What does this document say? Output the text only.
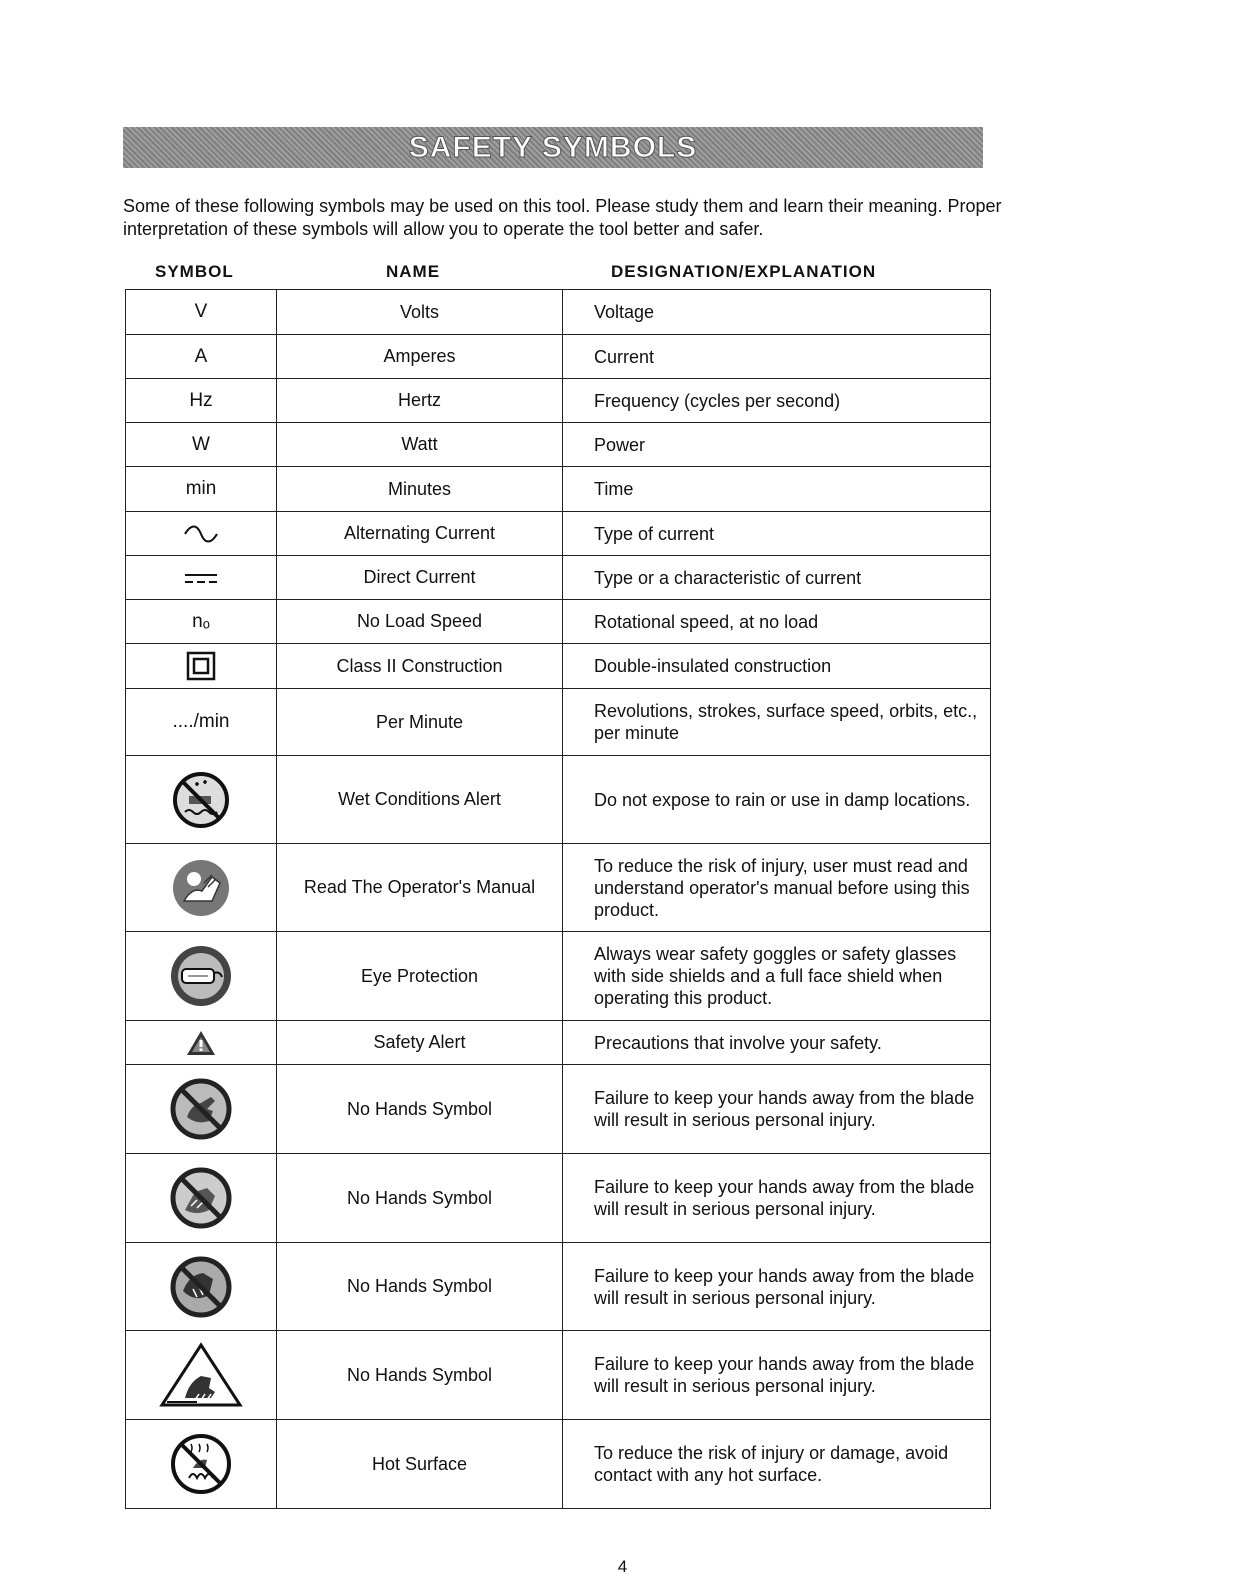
SAFETY SYMBOLS
Some of these following symbols may be used on this tool. Please study them and learn their meaning. Proper interpretation of these symbols will allow you to operate the tool better and safer.
SYMBOL	NAME	DESIGNATION/EXPLANATION
V	Volts	Voltage
A	Amperes	Current
Hz	Hertz	Frequency (cycles per second)
W	Watt	Power
min	Minutes	Time
	Alternating Current	Type of current
	Direct Current	Type or a characteristic of current
nₒ	No Load Speed	Rotational speed, at no load
	Class II Construction	Double-insulated construction
..../min	Per Minute	Revolutions, strokes, surface speed, orbits, etc., per minute
	Wet Conditions Alert	Do not expose to rain or use in damp locations.
	Read The Operator's Manual	To reduce the risk of injury, user must read and understand operator's manual before using this product.
	Eye Protection	Always wear safety goggles or safety glasses with side shields and a full face shield when operating this product.
	Safety Alert	Precautions that involve your safety.
	No Hands Symbol	Failure to keep your hands away from the blade will result in serious personal injury.
	No Hands Symbol	Failure to keep your hands away from the blade will result in serious personal injury.
	No Hands Symbol	Failure to keep your hands away from the blade will result in serious personal injury.
	No Hands Symbol	Failure to keep your hands away from the blade will result in serious personal injury.
	Hot Surface	To reduce the risk of injury or damage, avoid contact with any hot surface.
4
